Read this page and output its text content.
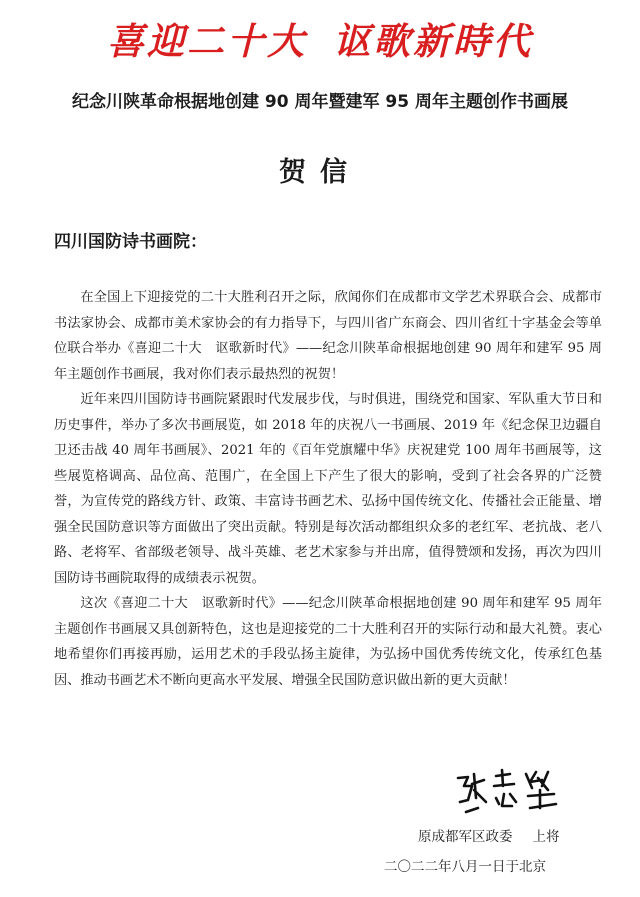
喜迎二十大 讴歌新時代
纪念川陕革命根据地创建 90 周年暨建军 95 周年主题创作书画展
贺信
四川国防诗书画院：

在全国上下迎接党的二十大胜利召开之际，欣闻你们在成都市文学艺术界联合会、成都市书法家协会、成都市美术家协会的有力指导下，与四川省广东商会、四川省红十字基金会等单位联合举办《喜迎二十大　讴歌新时代》——纪念川陕革命根据地创建 90 周年和建军 95 周年主题创作书画展，我对你们表示最热烈的祝贺！

近年来四川国防诗书画院紧跟时代发展步伐，与时俱进，围绕党和国家、军队重大节日和历史事件，举办了多次书画展览，如 2018 年的庆祝八一书画展、2019 年《纪念保卫边疆自卫还击战 40 周年书画展》、2021 年的《百年党旗耀中华》庆祝建党 100 周年书画展等，这些展览格调高、品位高、范围广，在全国上下产生了很大的影响，受到了社会各界的广泛赞誉，为宣传党的路线方针、政策、丰富诗书画艺术、弘扬中国传统文化、传播社会正能量、增强全民国防意识等方面做出了突出贡献。特别是每次活动都组织众多的老红军、老抗战、老八路、老将军、省部级老领导、战斗英雄、老艺术家参与并出席，值得赞颂和发扬，再次为四川国防诗书画院取得的成绩表示祝贺。

这次《喜迎二十大　讴歌新时代》——纪念川陕革命根据地创建 90 周年和建军 95 周年主题创作书画展又具创新特色，这也是迎接党的二十大胜利召开的实际行动和最大礼赞。衷心地希望你们再接再励，运用艺术的手段弘扬主旋律，为弘扬中国优秀传统文化，传承红色基因、推动书画艺术不断向更高水平发展、增强全民国防意识做出新的更大贡献！

原成都军区政委 上将
二〇二二年八月一日于北京
